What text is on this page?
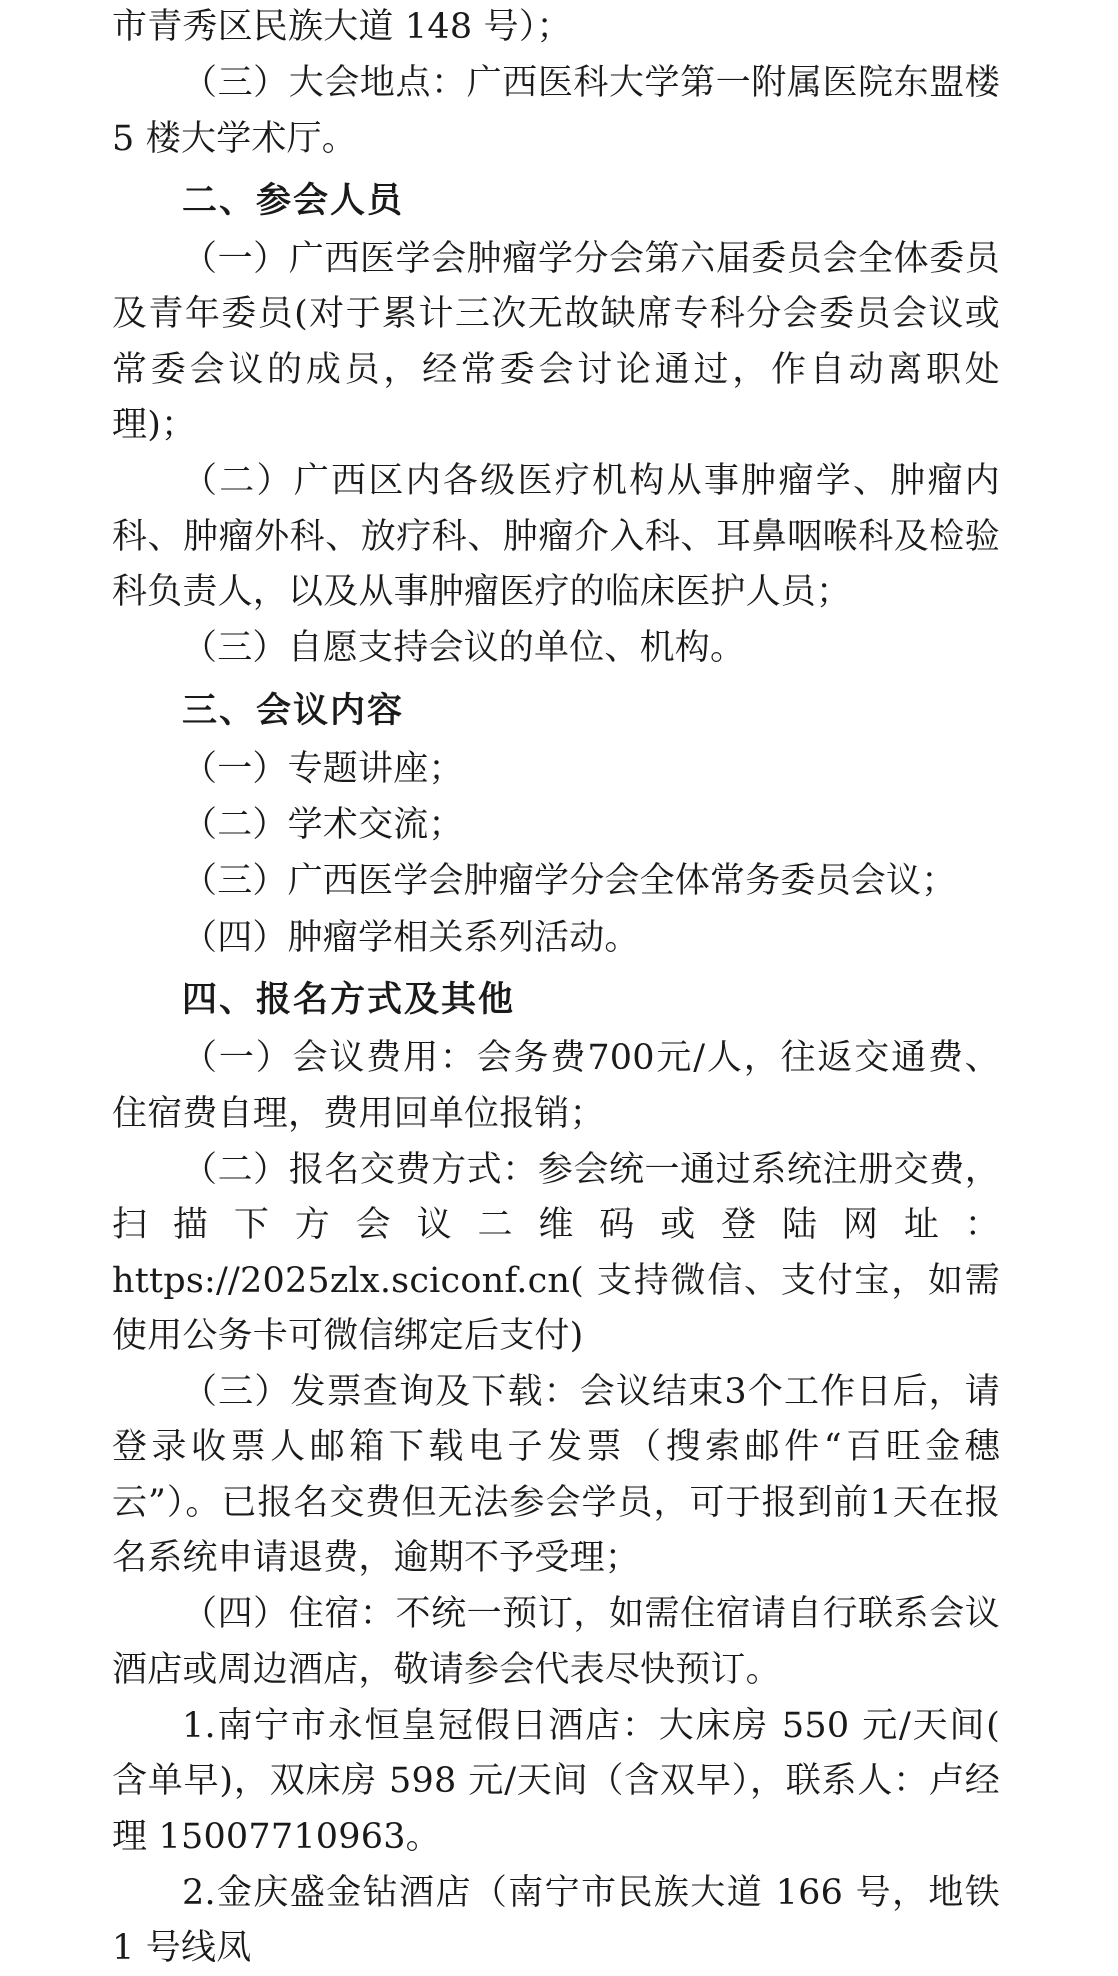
市青秀区民族大道 148 号）；

（三）大会地点：广西医科大学第一附属医院东盟楼 5 楼大学术厅。

二、参会人员

（一）广西医学会肿瘤学分会第六届委员会全体委员及青年委员(对于累计三次无故缺席专科分会委员会议或常委会议的成员，经常委会讨论通过，作自动离职处理)；

（二）广西区内各级医疗机构从事肿瘤学、肿瘤内科、肿瘤外科、放疗科、肿瘤介入科、耳鼻咽喉科及检验科负责人，以及从事肿瘤医疗的临床医护人员；

（三）自愿支持会议的单位、机构。

三、会议内容

（一）专题讲座；

（二）学术交流；

（三）广西医学会肿瘤学分会全体常务委员会议；

（四）肿瘤学相关系列活动。

四、报名方式及其他

（一）会议费用：会务费700元/人，往返交通费、住宿费自理，费用回单位报销；

（二）报名交费方式：参会统一通过系统注册交费，扫描下方会议二维码或登陆网址：https://2025zlx.sciconf.cn( 支持微信、支付宝，如需使用公务卡可微信绑定后支付)

（三）发票查询及下载：会议结束3个工作日后，请登录收票人邮箱下载电子发票（搜索邮件“百旺金穗云”）。已报名交费但无法参会学员，可于报到前1天在报名系统申请退费，逾期不予受理；

（四）住宿：不统一预订，如需住宿请自行联系会议酒店或周边酒店，敬请参会代表尽快预订。

1.南宁市永恒皇冠假日酒店：大床房 550 元/天间( 含单早)，双床房 598 元/天间（含双早），联系人：卢经理 15007710963。

2.金庆盛金钻酒店（南宁市民族大道 166 号，地铁 1 号线凤
